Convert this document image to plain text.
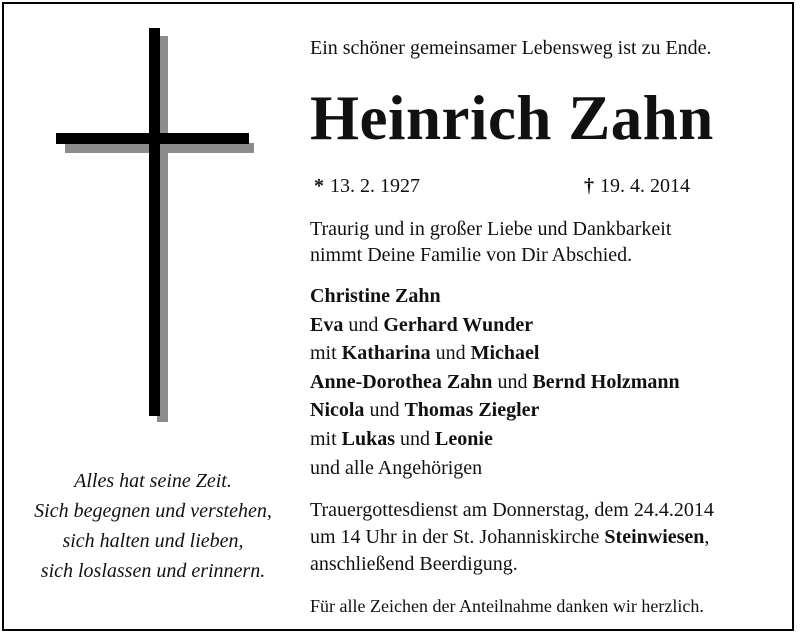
Alles hat seine Zeit.
Sich begegnen und verstehen,
sich halten und lieben,
sich loslassen und erinnern.
Ein schöner gemeinsamer Lebensweg ist zu Ende.
Heinrich Zahn
* 13. 2. 1927	† 19. 4. 2014
Traurig und in großer Liebe und Dankbarkeit
nimmt Deine Familie von Dir Abschied.
Christine Zahn
Eva und Gerhard Wunder
mit Katharina und Michael
Anne-Dorothea Zahn und Bernd Holzmann
Nicola und Thomas Ziegler
mit Lukas und Leonie
und alle Angehörigen
Trauergottesdienst am Donnerstag, dem 24.4.2014
um 14 Uhr in der St. Johanniskirche Steinwiesen,
anschließend Beerdigung.
Für alle Zeichen der Anteilnahme danken wir herzlich.
